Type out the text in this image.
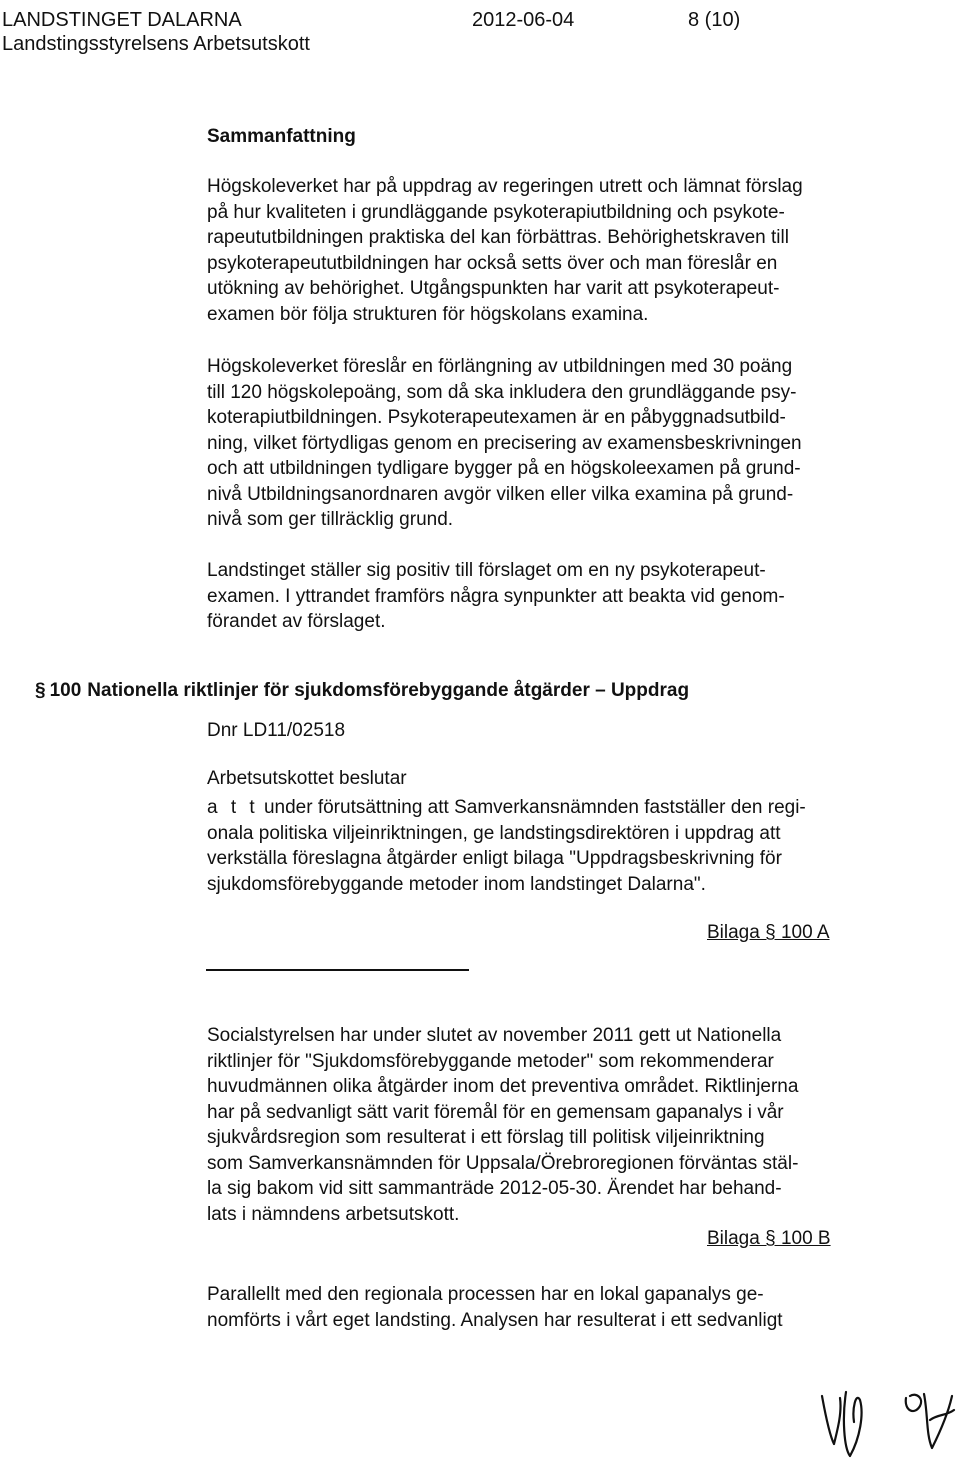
LANDSTINGET DALARNA
Landstingsstyrelsens Arbetsutskott
2012-06-04	8 (10)
Sammanfattning

Högskoleverket har på uppdrag av regeringen utrett och lämnat förslag
på hur kvaliteten i grundläggande psykoterapiutbildning och psykote-
rapeututbildningen praktiska del kan förbättras. Behörighetskraven till
psykoterapeututbildningen har också setts över och man föreslår en
utökning av behörighet. Utgångspunkten har varit att psykoterapeut-
examen bör följa strukturen för högskolans examina.

Högskoleverket föreslår en förlängning av utbildningen med 30 poäng
till 120 högskolepoäng, som då ska inkludera den grundläggande psy-
koterapiutbildningen. Psykoterapeutexamen är en påbyggnadsutbild-
ning, vilket förtydligas genom en precisering av examensbeskrivningen
och att utbildningen tydligare bygger på en högskoleexamen på grund-
nivå Utbildningsanordnaren avgör vilken eller vilka examina på grund-
nivå som ger tillräcklig grund.

Landstinget ställer sig positiv till förslaget om en ny psykoterapeut-
examen. I yttrandet framförs några synpunkter att beakta vid genom-
förandet av förslaget.

§ 100 Nationella riktlinjer för sjukdomsförebyggande åtgärder – Uppdrag

Dnr LD11/02518

Arbetsutskottet beslutar

a t t under förutsättning att Samverkansnämnden fastställer den regi-
onala politiska viljeinriktningen, ge landstingsdirektören i uppdrag att
verkställa föreslagna åtgärder enligt bilaga "Uppdragsbeskrivning för
sjukdomsförebyggande metoder inom landstinget Dalarna".

Bilaga § 100 A

Socialstyrelsen har under slutet av november 2011 gett ut Nationella
riktlinjer för "Sjukdomsförebyggande metoder" som rekommenderar
huvudmännen olika åtgärder inom det preventiva området. Riktlinjerna
har på sedvanligt sätt varit föremål för en gemensam gapanalys i vår
sjukvårdsregion som resulterat i ett förslag till politisk viljeinriktning
som Samverkansnämnden för Uppsala/Örebroregionen förväntas stäl-
la sig bakom vid sitt sammanträde 2012-05-30. Ärendet har behand-
lats i nämndens arbetsutskott.

Bilaga § 100 B

Parallellt med den regionala processen har en lokal gapanalys ge-
nomförts i vårt eget landsting. Analysen har resulterat i ett sedvanligt
